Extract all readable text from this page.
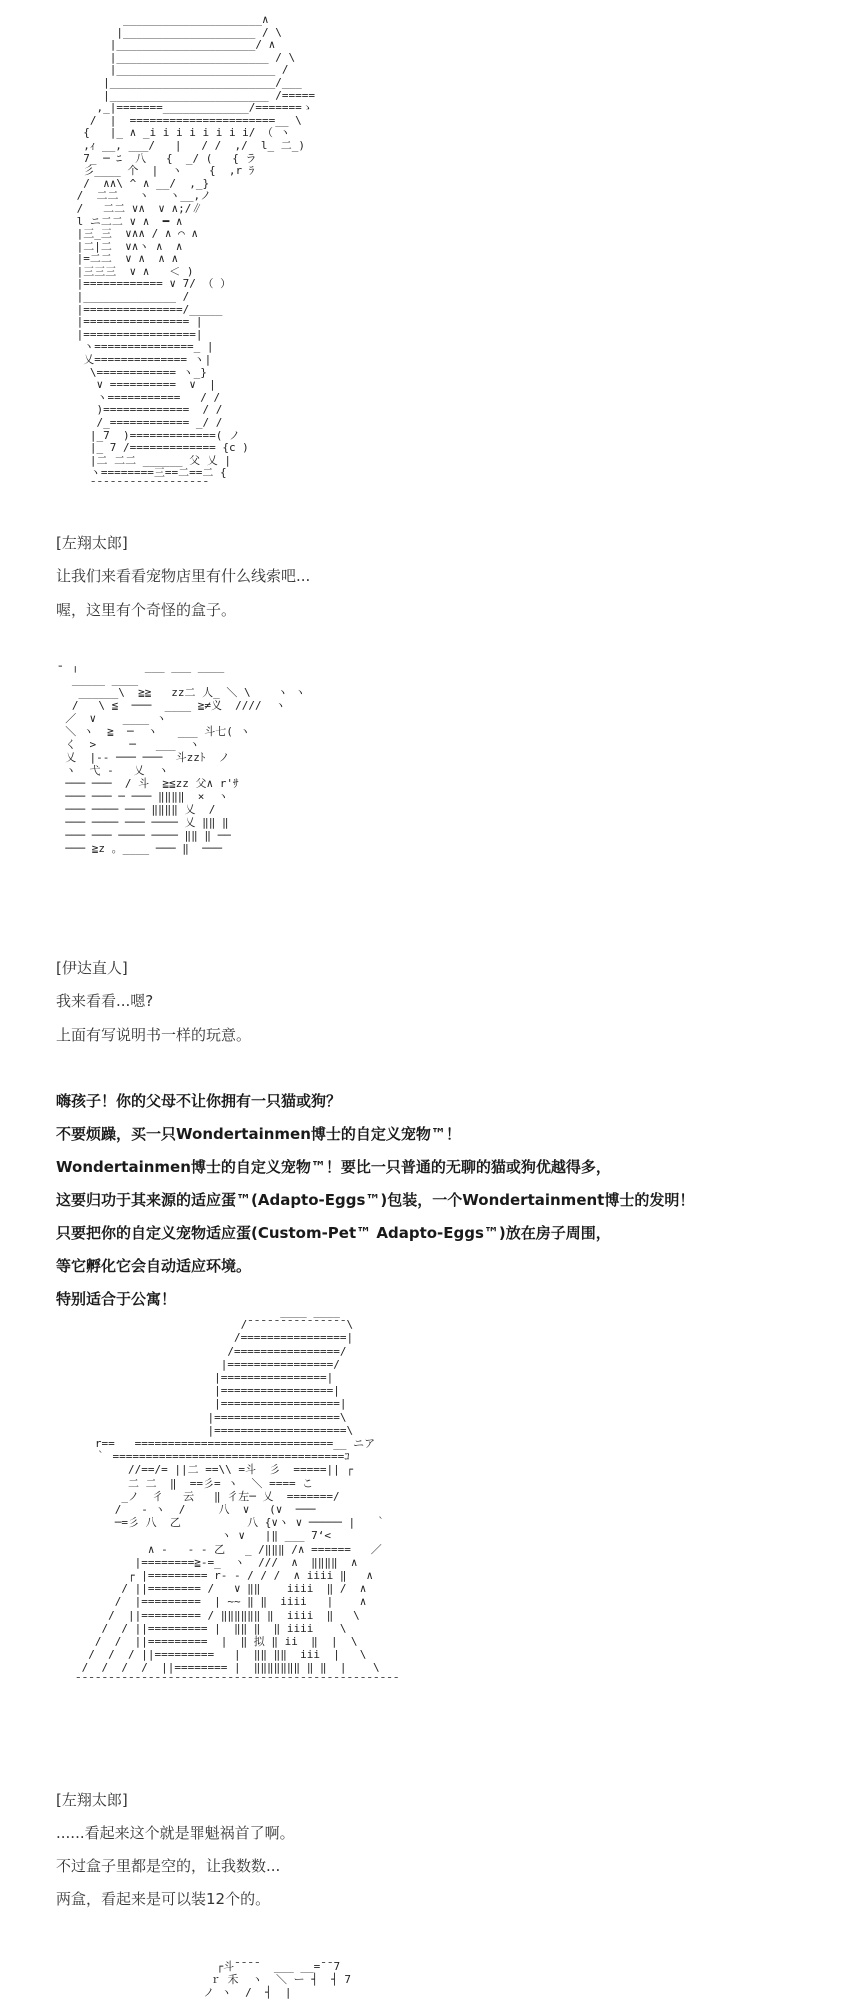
_____________________∧
|____________________ / \
|_____________________/ ∧
|_______________________ / \
|________________________ /
|_________________________/___
|________________________ /=====
,_|=======_____________/=======ゝ
/  |  ======================__ \
{   |_ ∧ _i i i i i i i i/ （ ヽ
,ｨ __, ___/   |   / /  ,/  l_ 二_)
7_ ─ ﾆ  八   {  _/ (   { ラ
彡____ 个  |  ヽ    {  ,r ﾗ
/  ∧∧\ ^ ∧ __/  ,_}
/  二二   ヽ   ヽ__,ノ
/   二二 ∨∧  ∨ ∧;/∥
l ニ二二 ∨ ∧  ━ ∧
|三_三  ∨∧∧ / ∧ ⌒ ∧
|二|二  ∨∧ヽ ∧  ∧
|=二二  ∨ ∧  ∧ ∧
|三三三  ∨ ∧   ＜ )
|============ ∨ 7/ （ ）
|______________ /
|===============/_____
|================ |
|=================|
ヽ===============_ |
乂============== ヽ|
\============ ヽ_}
∨ ==========  ∨  |
ヽ===========   / /
)=============  / /
/_============ _/ /
|_7  )=============( ノ
|_ 7 /============= {c )
|二 二二 ______ 父 乂 |
ヽ========三==二==二 {
¯¯¯¯¯¯¯¯¯¯¯¯¯¯¯¯¯¯
[左翔太郎]
让我们来看看宠物店里有什么线索吧...
喔，这里有个奇怪的盒子。
╴ ╷          ___ ___ ____
_____ ____
______\  ≧≧   zz二 人_ ＼ \    ヽ ヽ
/   \ ≦  ───  ____ ≧≠义  ////  ヽ
／  ∨    ____ ヽ
＼ ヽ  ≧  ─  ヽ   ___ 斗七( ヽ
く  >     ─   ___  ヽ
乂  |‐- ─── ───  斗zzﾄ  ノ
ヽ  弋 ‐   乂  ヽ
─── ───  / 斗  ≧≦zz 父∧ r'ｻ
─── ─── ─ ─── ‖‖‖‖  ×  ヽ
─── ──── ─── ‖‖‖‖ 乂  /
─── ──── ─── ──── 乂 ‖‖ ‖
─── ─── ──── ──── ‖‖ ‖ ──
─── ≧z 。____ ─── ‖  ───
[伊达直人]
我来看看...嗯?
上面有写说明书一样的玩意。
嗨孩子！你的父母不让你拥有一只猫或狗？
不要烦躁，买一只Wondertainmen博士的自定义宠物™！
Wondertainmen博士的自定义宠物™！要比一只普通的无聊的猫或狗优越得多，
这要归功于其来源的适应蛋™(Adapto-Eggs™)包装，一个Wondertainment博士的发明！
只要把你的自定义宠物适应蛋(Custom-Pet™ Adapto-Eggs™)放在房子周围，
等它孵化它会自动适应环境。
特别适合于公寓！
____ ____
/¯¯¯¯¯¯¯¯¯¯¯¯¯¯¯\
/================|
/================/
|================/
|================|
|=================|
|==================|
|===================\
|====================\
r==   ==============================__ ニア
｀ ===================================ｺ
//==/= ||二 ==\\ =斗  彡  =====|| ┌
二 二  ‖  ==彡= ヽ  ＼ ==== こ
_ノ  彳   云   ‖ 彳左─ 乂  =======/
/   ‐ ヽ  /     八  ∨   (∨  ───
─=彡 八  乙          八 {∨ヽ ∨ ───── |   ｀
ヽ ∨   |‖ ___ 7‘<
∧ ‐   - ‐ 乙   _ /‖‖‖ /∧ ======   ／
|========≧-=_  ヽ  ///  ∧  ‖‖‖‖  ∧
┌ |========= r‐ ‐ / / /  ∧ iiii ‖   ∧
/ ||======== /   ∨ ‖‖    iiii  ‖ /  ∧
/  |=========  | ~~ ‖ ‖  iiii   |    ∧
/  ||========= / ‖‖‖‖‖‖ ‖  iiii  ‖   \
/  / ||========= |  ‖‖ ‖  ‖ iiii    \
/  /  ||=========  |  ‖ 拟 ‖ ii  ‖  |  \
/  /  / ||=========   |  ‖‖ ‖‖  iii  |   \
/  /  /  /  ||======== |  ‖‖‖‖‖‖‖ ‖ ‖  |    \
¯¯¯¯¯¯¯¯¯¯¯¯¯¯¯¯¯¯¯¯¯¯¯¯¯¯¯¯¯¯¯¯¯¯¯¯¯¯¯¯¯¯¯¯¯¯¯¯¯
[左翔太郎]
......看起来这个就是罪魁祸首了啊。
不过盒子里都是空的，让我数数...
两盒，看起来是可以装12个的。
┌斗¯¯¯¯  ___ __=¯¯7
ｒ 禾  ヽ  ＼ ー ┤  ┤ 7
ノ ヽ  /  ┤  |
